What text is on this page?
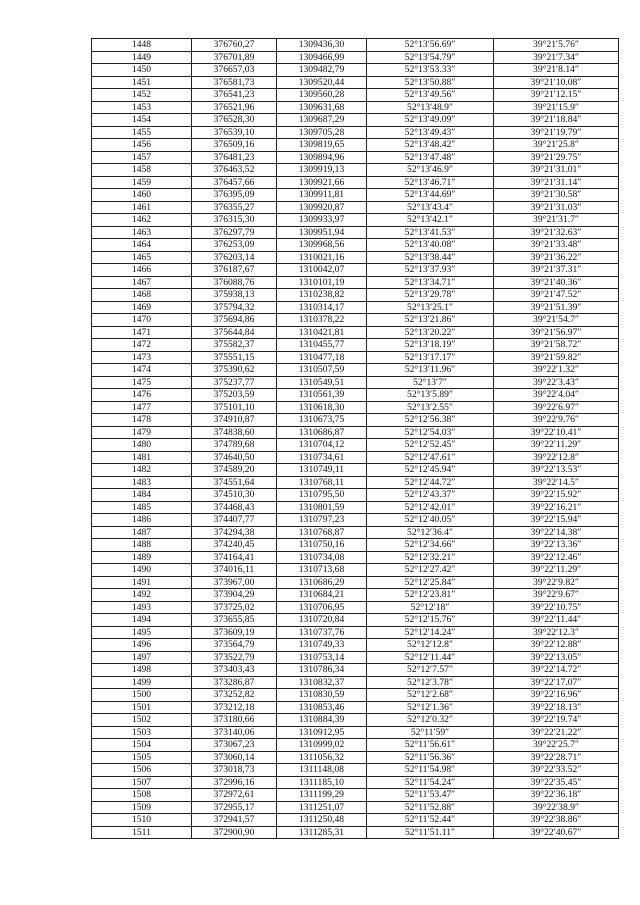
1448	376760,27	1309436,30	52°13′56.69″	39°21′5.76″
1449	376701,89	1309466,99	52°13′54.79″	39°21′7.34″
1450	376657,03	1309482,79	52°13′53.33″	39°21′8.14″
1451	376581,73	1309520,44	52°13′50.88″	39°21′10.08″
1452	376541,23	1309560,28	52°13′49.56″	39°21′12.15″
1453	376521,96	1309631,68	52°13′48.9″	39°21′15.9″
1454	376528,30	1309687,29	52°13′49.09″	39°21′18.84″
1455	376539,10	1309705,28	52°13′49.43″	39°21′19.79″
1456	376509,16	1309819,65	52°13′48.42″	39°21′25.8″
1457	376481,23	1309894,96	52°13′47.48″	39°21′29.75″
1458	376463,52	1309919,13	52°13′46.9″	39°21′31.01″
1459	376457,66	1309921,66	52°13′46.71″	39°21′31.14″
1460	376395,09	1309911,81	52°13′44.69″	39°21′30.58″
1461	376355,27	1309920,87	52°13′43.4″	39°21′31.03″
1462	376315,30	1309933,97	52°13′42.1″	39°21′31.7″
1463	376297,79	1309951,94	52°13′41.53″	39°21′32.63″
1464	376253,09	1309968,56	52°13′40.08″	39°21′33.48″
1465	376203,14	1310021,16	52°13′38.44″	39°21′36.22″
1466	376187,67	1310042,07	52°13′37.93″	39°21′37.31″
1467	376088,76	1310101,19	52°13′34.71″	39°21′40.36″
1468	375938,13	1310238,82	52°13′29.78″	39°21′47.52″
1469	375794,32	1310314,17	52°13′25.1″	39°21′51.39″
1470	375694,86	1310378,22	52°13′21.86″	39°21′54.7″
1471	375644,84	1310421,81	52°13′20.22″	39°21′56.97″
1472	375582,37	1310455,77	52°13′18.19″	39°21′58.72″
1473	375551,15	1310477,18	52°13′17.17″	39°21′59.82″
1474	375390,62	1310507,59	52°13′11.96″	39°22′1.32″
1475	375237,77	1310549,51	52°13′7″	39°22′3.43″
1476	375203,59	1310561,39	52°13′5.89″	39°22′4.04″
1477	375101,10	1310618,30	52°13′2.55″	39°22′6.97″
1478	374910,87	1310673,75	52°12′56.38″	39°22′9.76″
1479	374838,60	1310686,87	52°12′54.03″	39°22′10.41″
1480	374789,68	1310704,12	52°12′52.45″	39°22′11.29″
1481	374640,50	1310734,61	52°12′47.61″	39°22′12.8″
1482	374589,20	1310749,11	52°12′45.94″	39°22′13.53″
1483	374551,64	1310768,11	52°12′44.72″	39°22′14.5″
1484	374510,30	1310795,50	52°12′43.37″	39°22′15.92″
1485	374468,43	1310801,59	52°12′42.01″	39°22′16.21″
1486	374407,77	1310797,23	52°12′40.05″	39°22′15.94″
1487	374294,38	1310768,87	52°12′36.4″	39°22′14.38″
1488	374240,45	1310750,16	52°12′34.66″	39°22′13.36″
1489	374164,41	1310734,08	52°12′32.21″	39°22′12.46″
1490	374016,11	1310713,68	52°12′27.42″	39°22′11.29″
1491	373967,00	1310686,29	52°12′25.84″	39°22′9.82″
1492	373904,29	1310684,21	52°12′23.81″	39°22′9.67″
1493	373725,02	1310706,95	52°12′18″	39°22′10.75″
1494	373655,85	1310720,84	52°12′15.76″	39°22′11.44″
1495	373609,19	1310737,76	52°12′14.24″	39°22′12.3″
1496	373564,79	1310749,33	52°12′12.8″	39°22′12.88″
1497	373522,79	1310753,14	52°12′11.44″	39°22′13.05″
1498	373403,43	1310786,34	52°12′7.57″	39°22′14.72″
1499	373286,87	1310832,37	52°12′3.78″	39°22′17.07″
1500	373252,82	1310830,59	52°12′2.68″	39°22′16.96″
1501	373212,18	1310853,46	52°12′1.36″	39°22′18.13″
1502	373180,66	1310884,39	52°12′0.32″	39°22′19.74″
1503	373140,06	1310912,95	52°11′59″	39°22′21.22″
1504	373067,23	1310999,02	52°11′56.61″	39°22′25.7″
1505	373060,14	1311056,32	52°11′56.36″	39°22′28.71″
1506	373018,73	1311148,08	52°11′54.98″	39°22′33.52″
1507	372996,16	1311185,10	52°11′54.24″	39°22′35.45″
1508	372972,61	1311199,29	52°11′53.47″	39°22′36.18″
1509	372955,17	1311251,07	52°11′52.88″	39°22′38.9″
1510	372941,57	1311250,48	52°11′52.44″	39°22′38.86″
1511	372900,90	1311285,31	52°11′51.11″	39°22′40.67″
